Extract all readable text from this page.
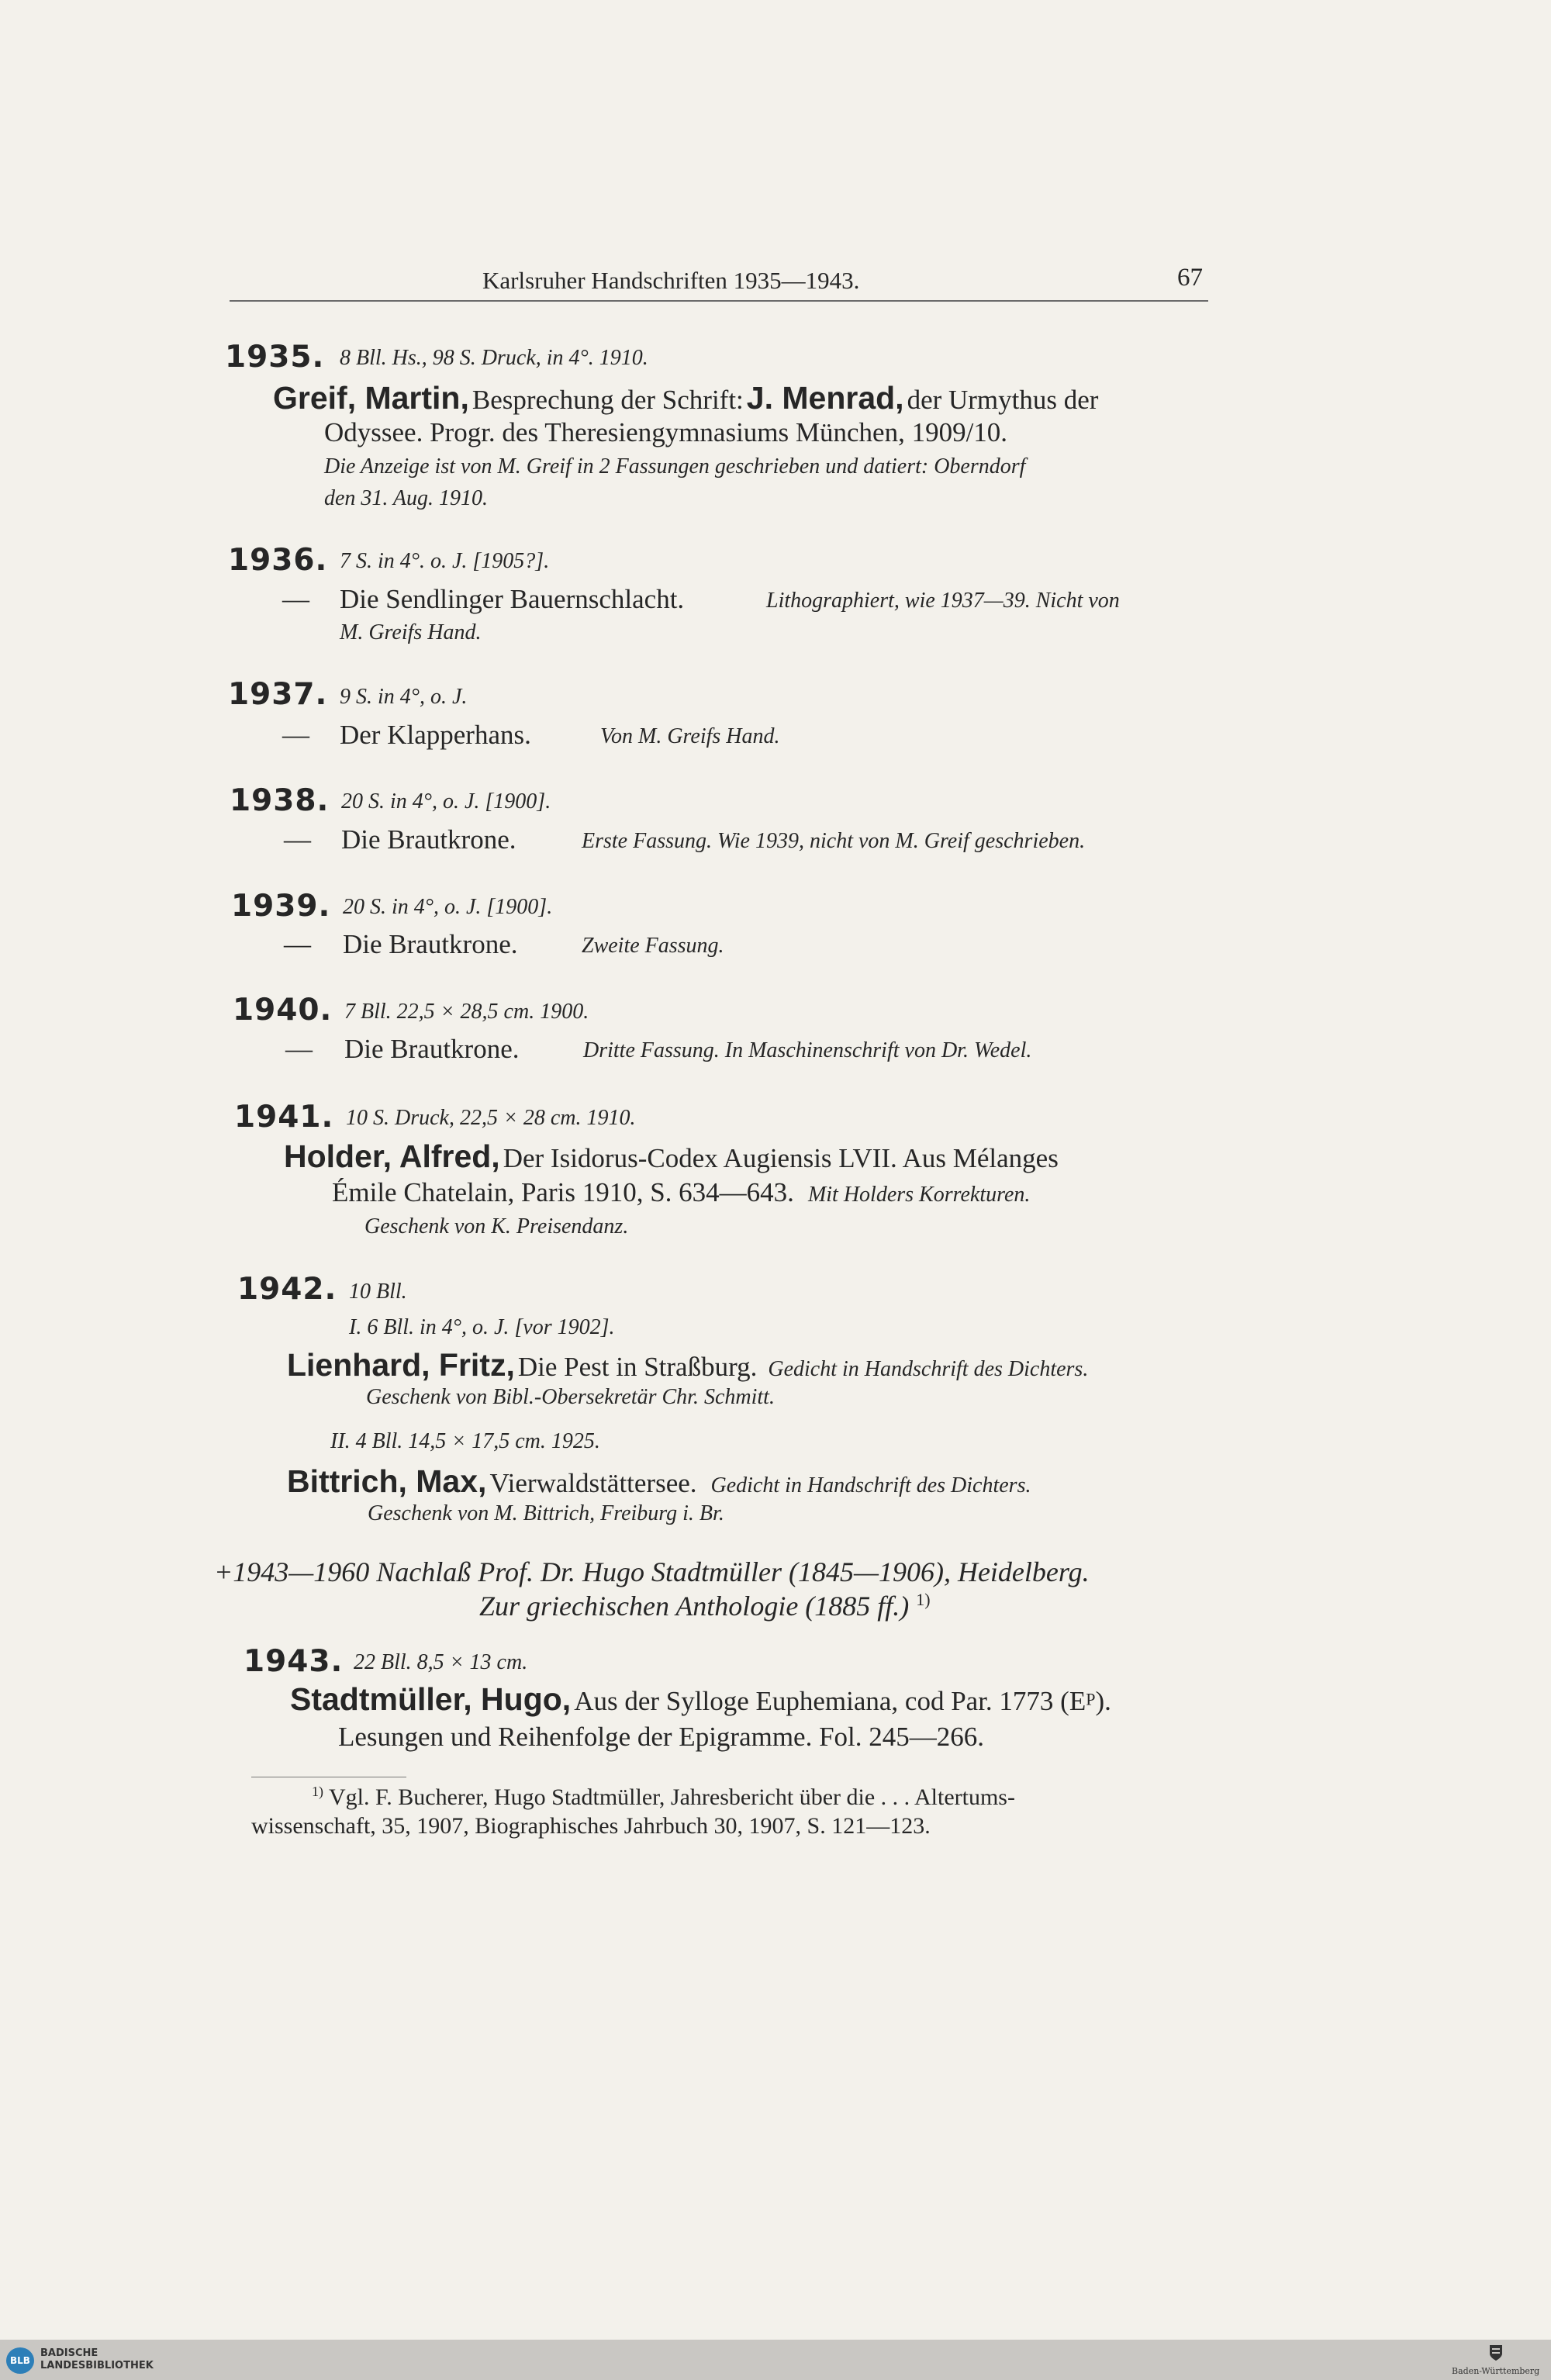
Karlsruher Handschriften 1935—1943.	67
1935. 8 Bll. Hs., 98 S. Druck, in 4°. 1910.
Greif, Martin, Besprechung der Schrift: J. Menrad, der Urmythus der
Odyssee. Progr. des Theresiengymnasiums München, 1909/10.
Die Anzeige ist von M. Greif in 2 Fassungen geschrieben und datiert: Oberndorf
den 31. Aug. 1910.
1936. 7 S. in 4°. o. J. [1905?].
— Die Sendlinger Bauernschlacht.	Lithographiert, wie 1937—39. Nicht von
M. Greifs Hand.
1937. 9 S. in 4°, o. J.
— Der Klapperhans.	Von M. Greifs Hand.
1938. 20 S. in 4°, o. J. [1900].
— Die Brautkrone.	Erste Fassung. Wie 1939, nicht von M. Greif geschrieben.
1939. 20 S. in 4°, o. J. [1900].
— Die Brautkrone.	Zweite Fassung.
1940. 7 Bll. 22,5 × 28,5 cm. 1900.
— Die Brautkrone.	Dritte Fassung. In Maschinenschrift von Dr. Wedel.
1941. 10 S. Druck, 22,5 × 28 cm. 1910.
Holder, Alfred, Der Isidorus-Codex Augiensis LVII. Aus Mélanges
Émile Chatelain, Paris 1910, S. 634—643. Mit Holders Korrekturen.
Geschenk von K. Preisendanz.
1942. 10 Bll.
I. 6 Bll. in 4°, o. J. [vor 1902].
Lienhard, Fritz, Die Pest in Straßburg. Gedicht in Handschrift des Dichters.
Geschenk von Bibl.-Obersekretär Chr. Schmitt.
II. 4 Bll. 14,5 × 17,5 cm. 1925.
Bittrich, Max, Vierwaldstättersee. Gedicht in Handschrift des Dichters.
Geschenk von M. Bittrich, Freiburg i. Br.
+1943—1960 Nachlaß Prof. Dr. Hugo Stadtmüller (1845—1906), Heidelberg.
Zur griechischen Anthologie (1885 ff.) $^{1)}$
1943. 22 Bll. 8,5 × 13 cm.
Stadtmüller, Hugo, Aus der Sylloge Euphemiana, cod Par. 1773 $(E^P)$.
Lesungen und Reihenfolge der Epigramme. Fol. 245—266.
$^{1)}$ Vgl. F. Bucherer, Hugo Stadtmüller, Jahresbericht über die . . . Altertums-
wissenschaft, 35, 1907, Biographisches Jahrbuch 30, 1907, S. 121—123.
BLB
BADISCHE
LANDESBIBLIOTHEK	Baden-Württemberg
